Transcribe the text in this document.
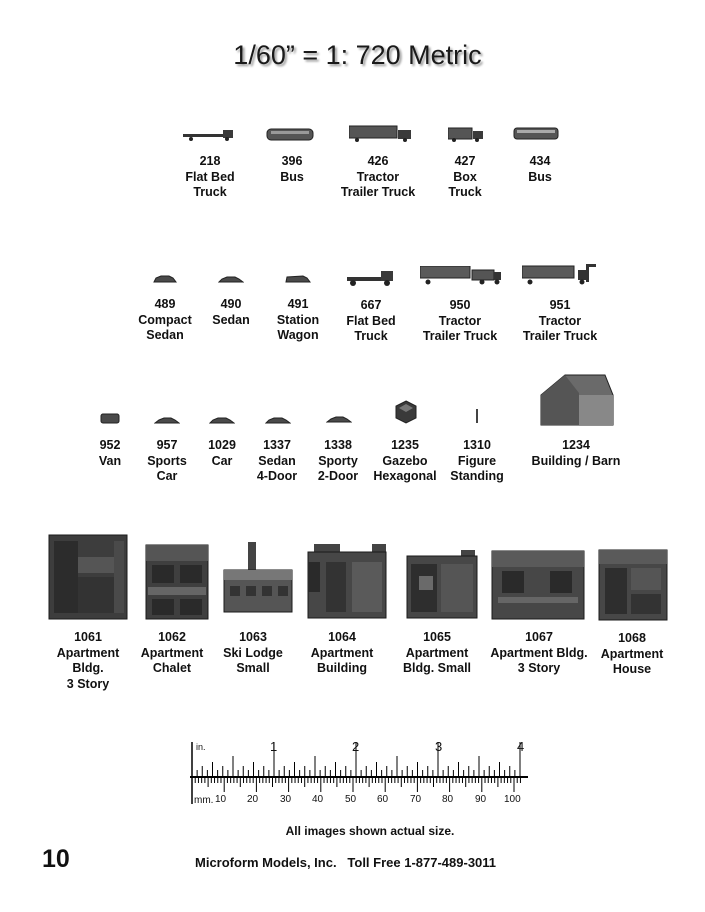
1/60” = 1: 720 Metric
218
Flat Bed
Truck
396
Bus
426
Tractor
Trailer Truck
427
Box
Truck
434
Bus
489
Compact
Sedan
490
Sedan
491
Station
Wagon
667
Flat Bed
Truck
950
Tractor
Trailer Truck
951
Tractor
Trailer Truck
952
Van
957
Sports
Car
1029
Car
1337
Sedan
4-Door
1338
Sporty
2-Door
1235
Gazebo
Hexagonal
1310
Figure
Standing
1234
Building / Barn
1061
Apartment
Bldg.
3 Story
1062
Apartment
Chalet
1063
Ski Lodge
Small
1064
Apartment
Building
1065
Apartment
Bldg. Small
1067
Apartment Bldg.
3 Story
1068
Apartment
House
in.	1	2	3	4
mm. 10 20 30 40 50 60 70 80 90 100
All images shown actual size.
10	Microform Models, Inc.   Toll Free 1-877-489-3011
